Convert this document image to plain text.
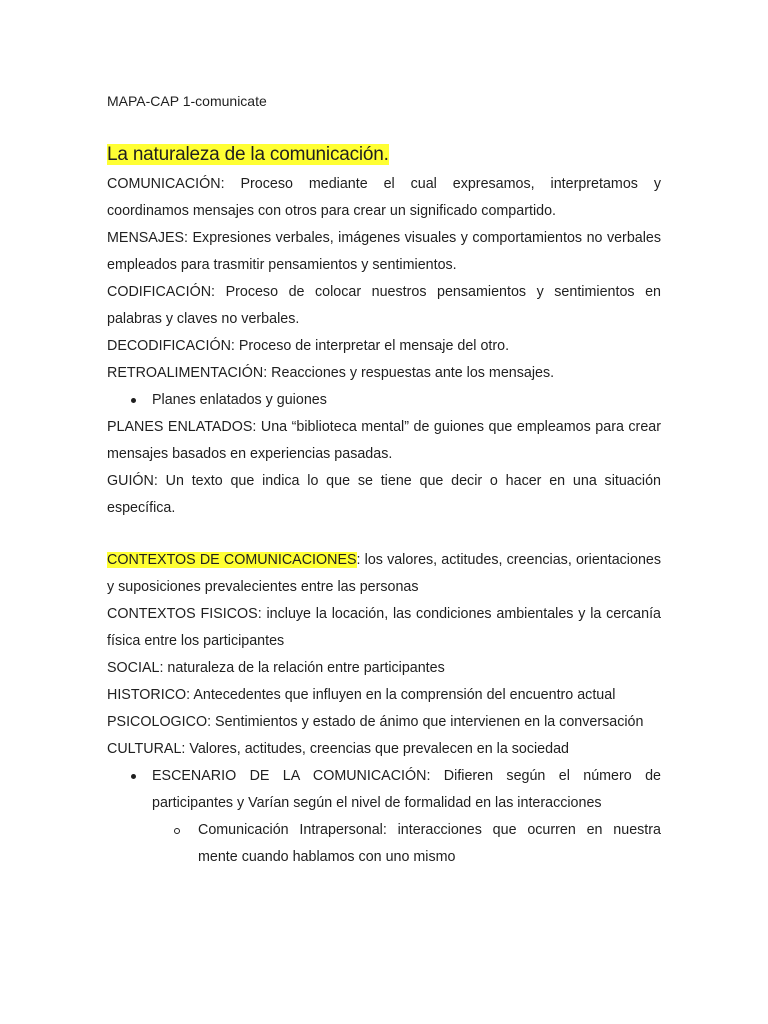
MAPA-CAP 1-comunicate
La naturaleza de la comunicación.

COMUNICACIÓN: Proceso mediante el cual expresamos, interpretamos y coordinamos mensajes con otros para crear un significado compartido.

MENSAJES: Expresiones verbales, imágenes visuales y comportamientos no verbales empleados para trasmitir pensamientos y sentimientos.

CODIFICACIÓN: Proceso de colocar nuestros pensamientos y sentimientos en palabras y claves no verbales.

DECODIFICACIÓN: Proceso de interpretar el mensaje del otro.

RETROALIMENTACIÓN: Reacciones y respuestas ante los mensajes.

Planes enlatados y guiones

PLANES ENLATADOS: Una “biblioteca mental” de guiones que empleamos para crear mensajes basados en experiencias pasadas.

GUIÓN: Un texto que indica lo que se tiene que decir o hacer en una situación específica.

CONTEXTOS DE COMUNICACIONES: los valores, actitudes, creencias, orientaciones y suposiciones prevalecientes entre las personas

CONTEXTOS FISICOS: incluye la locación, las condiciones ambientales y la cercanía física entre los participantes

SOCIAL: naturaleza de la relación entre participantes

HISTORICO: Antecedentes que influyen en la comprensión del encuentro actual

PSICOLOGICO: Sentimientos y estado de ánimo que intervienen en la conversación

CULTURAL: Valores, actitudes, creencias que prevalecen en la sociedad

ESCENARIO DE LA COMUNICACIÓN: Difieren según el número de participantes y Varían según el nivel de formalidad en las interacciones
Comunicación Intrapersonal: interacciones que ocurren en nuestra mente cuando hablamos con uno mismo
